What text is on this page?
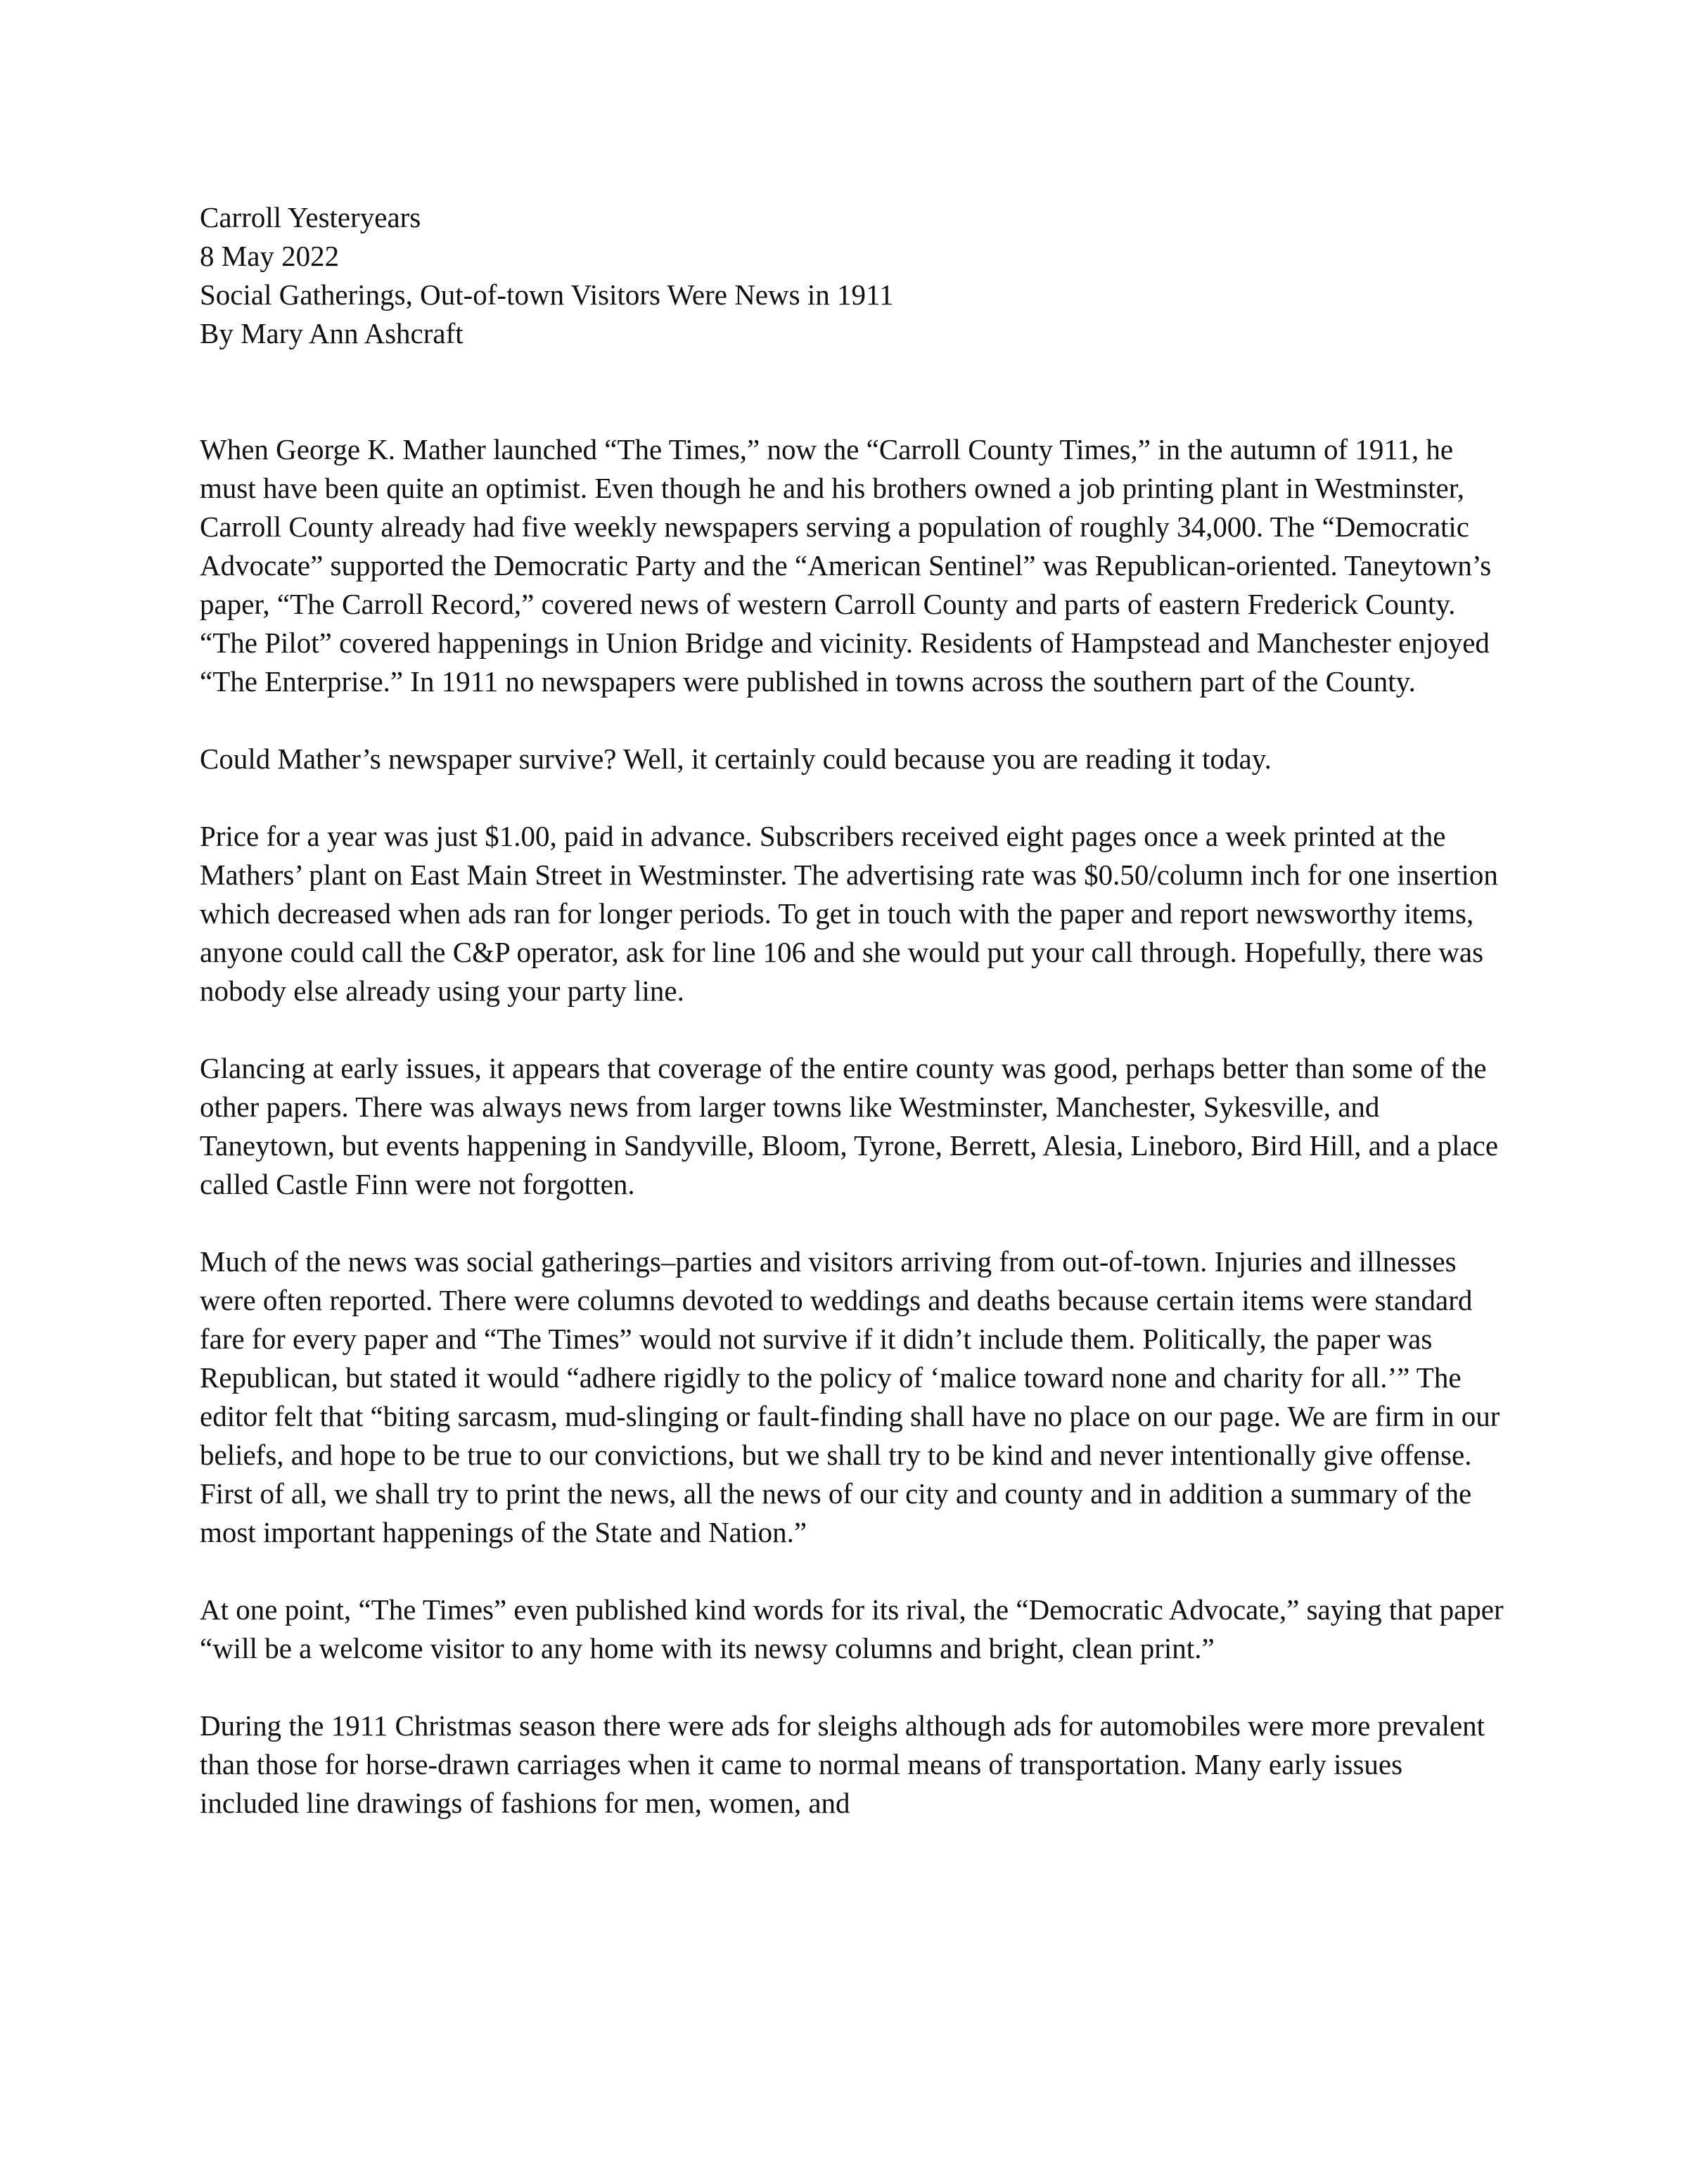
Carroll Yesteryears
8 May 2022
Social Gatherings, Out-of-town Visitors Were News in 1911
By Mary Ann Ashcraft

When George K. Mather launched “The Times,” now the “Carroll County Times,” in the autumn of 1911, he must have been quite an optimist. Even though he and his brothers owned a job printing plant in Westminster, Carroll County already had five weekly newspapers serving a population of roughly 34,000. The “Democratic Advocate” supported the Democratic Party and the “American Sentinel” was Republican-oriented. Taneytown’s paper, “The Carroll Record,” covered news of western Carroll County and parts of eastern Frederick County. “The Pilot” covered happenings in Union Bridge and vicinity. Residents of Hampstead and Manchester enjoyed “The Enterprise.” In 1911 no newspapers were published in towns across the southern part of the County.

Could Mather’s newspaper survive? Well, it certainly could because you are reading it today.

Price for a year was just $1.00, paid in advance. Subscribers received eight pages once a week printed at the Mathers’ plant on East Main Street in Westminster. The advertising rate was $0.50/column inch for one insertion which decreased when ads ran for longer periods. To get in touch with the paper and report newsworthy items, anyone could call the C&P operator, ask for line 106 and she would put your call through. Hopefully, there was nobody else already using your party line.

Glancing at early issues, it appears that coverage of the entire county was good, perhaps better than some of the other papers. There was always news from larger towns like Westminster, Manchester, Sykesville, and Taneytown, but events happening in Sandyville, Bloom, Tyrone, Berrett, Alesia, Lineboro, Bird Hill, and a place called Castle Finn were not forgotten.

Much of the news was social gatherings–parties and visitors arriving from out-of-town. Injuries and illnesses were often reported. There were columns devoted to weddings and deaths because certain items were standard fare for every paper and “The Times” would not survive if it didn’t include them. Politically, the paper was Republican, but stated it would “adhere rigidly to the policy of ‘malice toward none and charity for all.’” The editor felt that “biting sarcasm, mud-slinging or fault-finding shall have no place on our page. We are firm in our beliefs, and hope to be true to our convictions, but we shall try to be kind and never intentionally give offense. First of all, we shall try to print the news, all the news of our city and county and in addition a summary of the most important happenings of the State and Nation.”

At one point, “The Times” even published kind words for its rival, the “Democratic Advocate,” saying that paper “will be a welcome visitor to any home with its newsy columns and bright, clean print.”

During the 1911 Christmas season there were ads for sleighs although ads for automobiles were more prevalent than those for horse-drawn carriages when it came to normal means of transportation. Many early issues included line drawings of fashions for men, women, and
